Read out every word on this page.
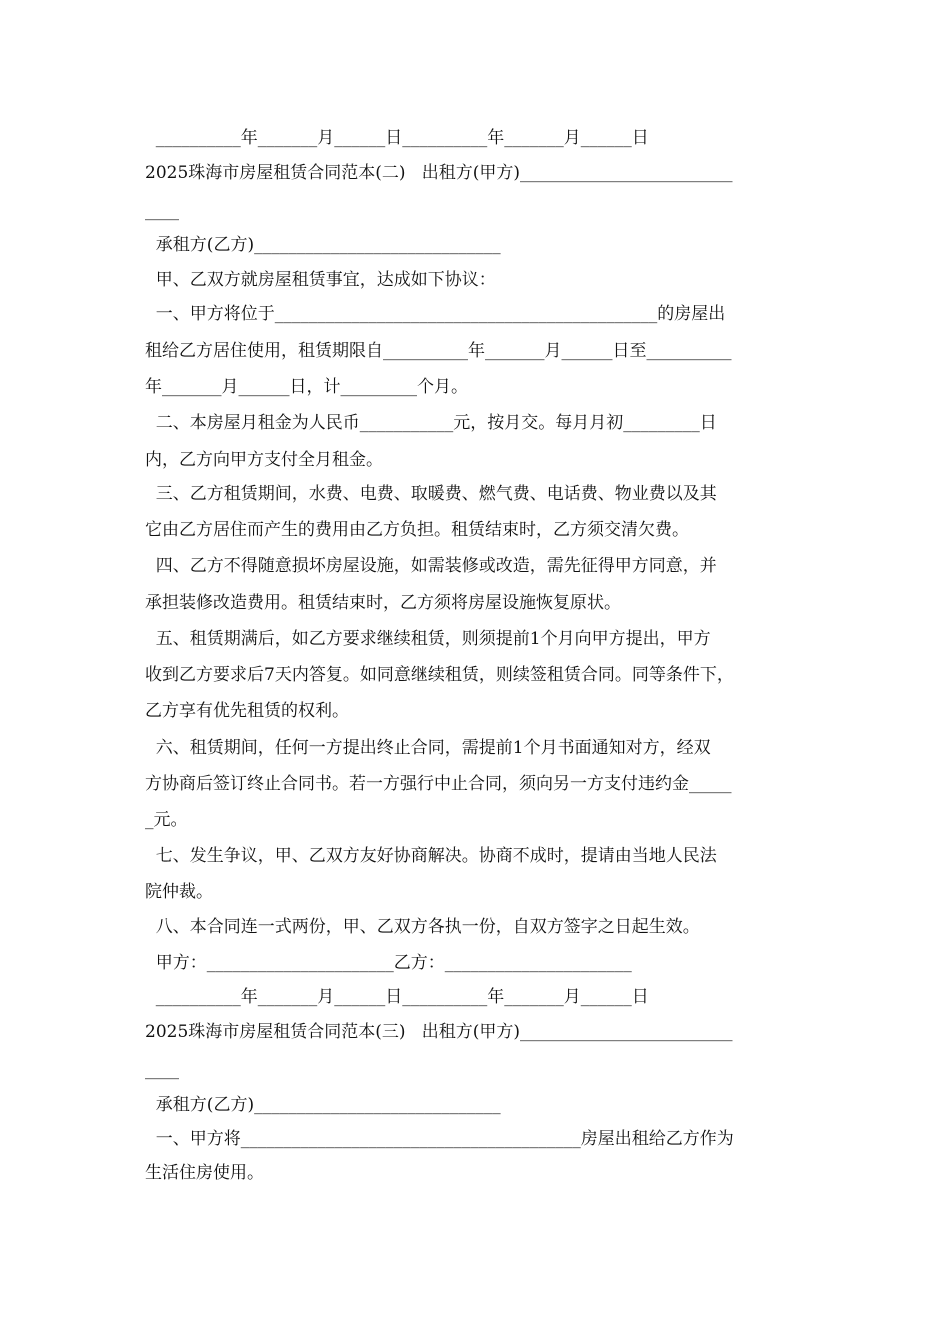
__________年_______月______日__________年_______月______日
2025珠海市房屋租赁合同范本(二)   出租方(甲方)_________________________
____
承租方(乙方)_____________________________
甲、乙双方就房屋租赁事宜，达成如下协议：
一、甲方将位于_____________________________________________的房屋出
租给乙方居住使用，租赁期限自__________年_______月______日至__________
年_______月______日，计_________个月。
二、本房屋月租金为人民币___________元，按月交。每月月初_________日
内，乙方向甲方支付全月租金。
三、乙方租赁期间，水费、电费、取暖费、燃气费、电话费、物业费以及其
它由乙方居住而产生的费用由乙方负担。租赁结束时，乙方须交清欠费。
四、乙方不得随意损坏房屋设施，如需装修或改造，需先征得甲方同意，并
承担装修改造费用。租赁结束时，乙方须将房屋设施恢复原状。
五、租赁期满后，如乙方要求继续租赁，则须提前1个月向甲方提出，甲方
收到乙方要求后7天内答复。如同意继续租赁，则续签租赁合同。同等条件下，
乙方享有优先租赁的权利。
六、租赁期间，任何一方提出终止合同，需提前1个月书面通知对方，经双
方协商后签订终止合同书。若一方强行中止合同，须向另一方支付违约金_____
_元。
七、发生争议，甲、乙双方友好协商解决。协商不成时，提请由当地人民法
院仲裁。
八、本合同连一式两份，甲、乙双方各执一份，自双方签字之日起生效。
甲方：______________________乙方：______________________
__________年_______月______日__________年_______月______日
2025珠海市房屋租赁合同范本(三)   出租方(甲方)_________________________
____
承租方(乙方)_____________________________
一、甲方将________________________________________房屋出租给乙方作为
生活住房使用。
